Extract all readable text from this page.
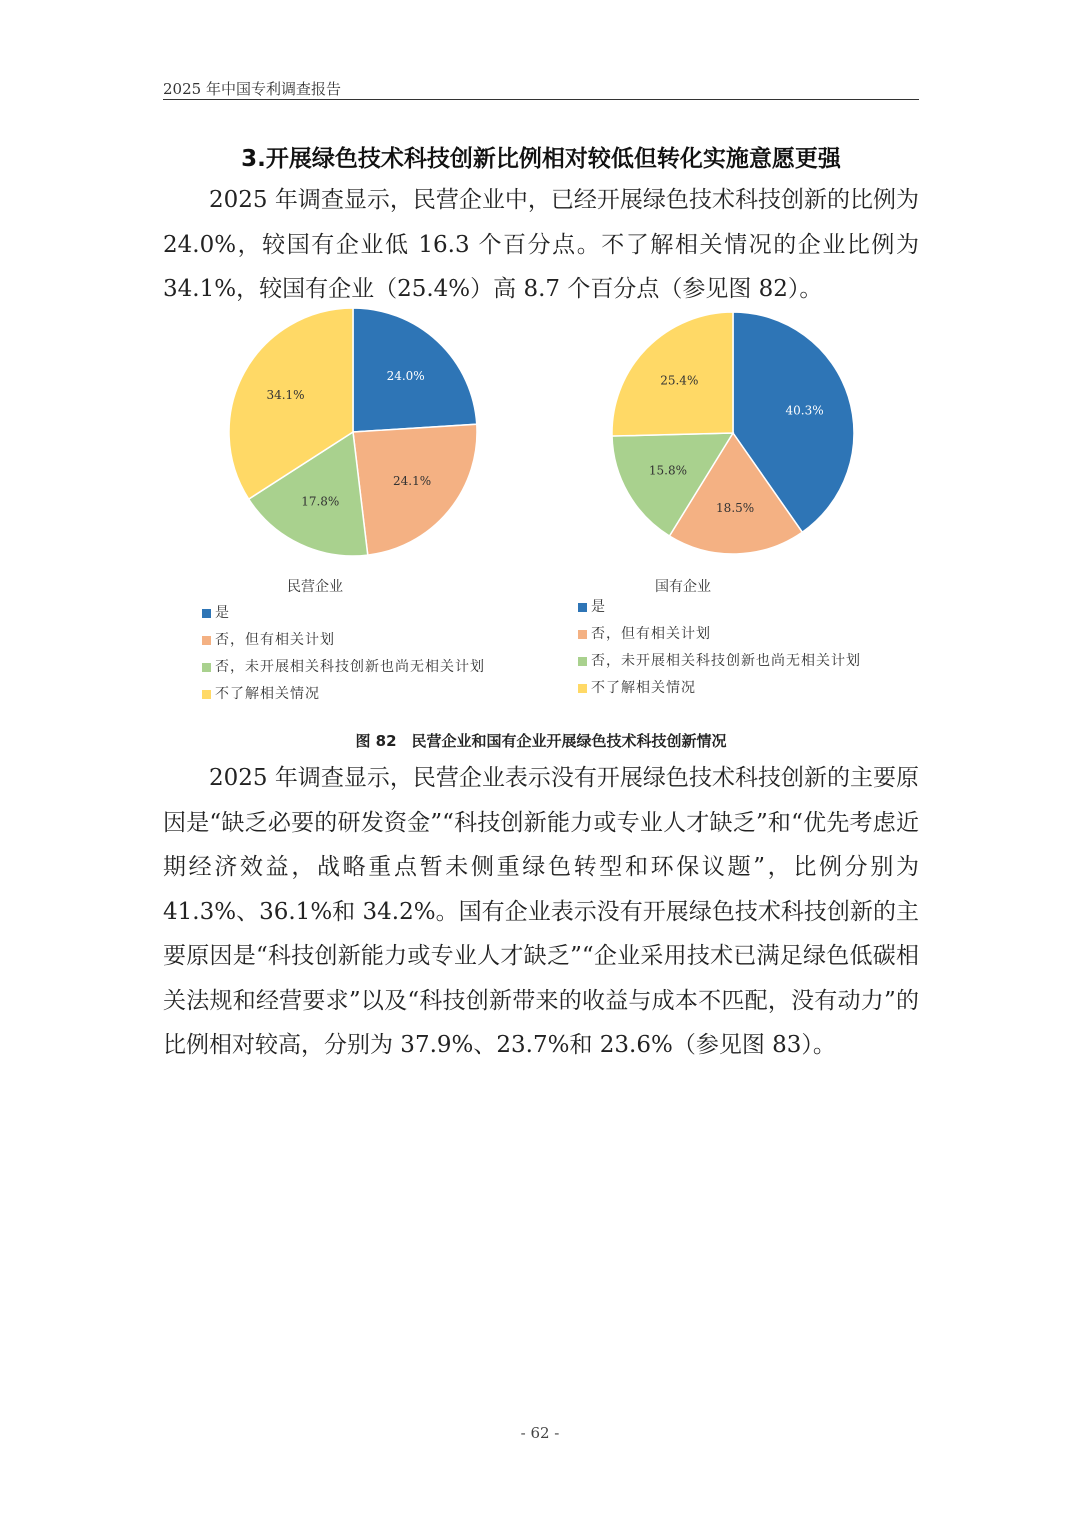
2025 年中国专利调查报告
3.开展绿色技术科技创新比例相对较低但转化实施意愿更强

2025 年调查显示，民营企业中，已经开展绿色技术科技创新的比例为 24.0%，较国有企业低 16.3 个百分点。不了解相关情况的企业比例为 34.1%，较国有企业（25.4%）高 8.7 个百分点（参见图 82）。

24.0%
24.1%
17.8%
34.1%
40.3%
18.5%
15.8%
25.4%
民营企业	国有企业
是
否，但有相关计划
否，未开展相关科技创新也尚无相关计划
不了解相关情况
是
否，但有相关计划
否，未开展相关科技创新也尚无相关计划
不了解相关情况
图 82　民营企业和国有企业开展绿色技术科技创新情况

2025 年调查显示，民营企业表示没有开展绿色技术科技创新的主要原因是“缺乏必要的研发资金”“科技创新能力或专业人才缺乏”和“优先考虑近期经济效益，战略重点暂未侧重绿色转型和环保议题”，比例分别为 41.3%、36.1%和 34.2%。国有企业表示没有开展绿色技术科技创新的主要原因是“科技创新能力或专业人才缺乏”“企业采用技术已满足绿色低碳相关法规和经营要求”以及“科技创新带来的收益与成本不匹配，没有动力”的比例相对较高，分别为 37.9%、23.7%和 23.6%（参见图 83）。

- 62 -
